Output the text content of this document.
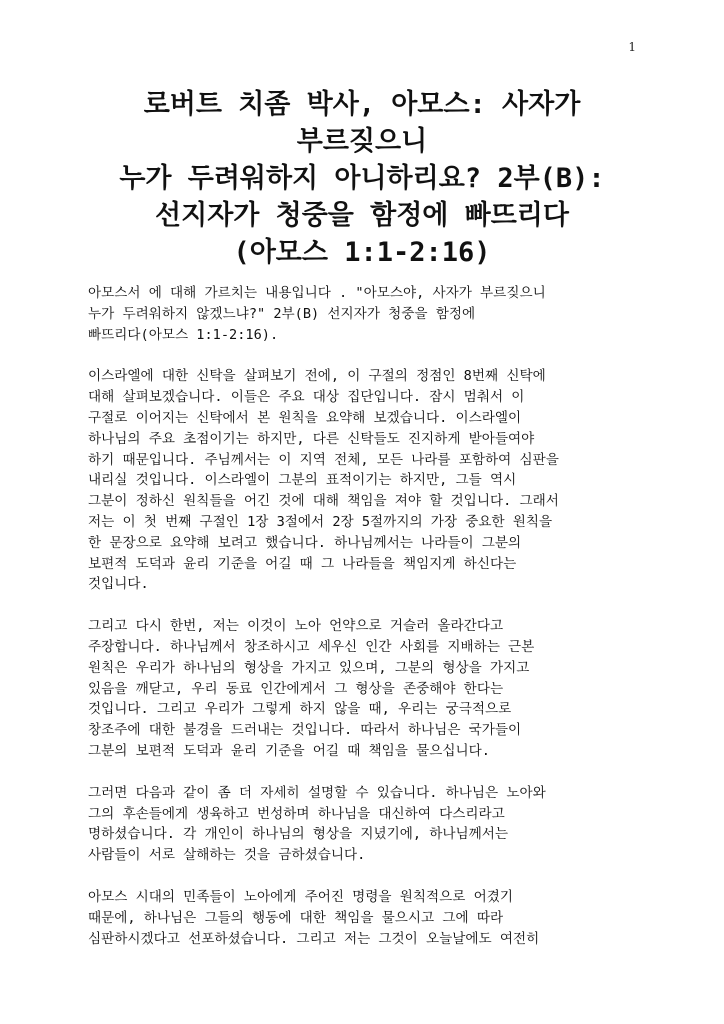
1
로버트 치좀 박사, 아모스: 사자가
부르짖으니
누가 두려워하지 아니하리요? 2부(B):
선지자가 청중을 함정에 빠뜨리다
(아모스 1:1-2:16)
아모스서 에 대해 가르치는 내용입니다 . "아모스야, 사자가 부르짖으니
누가 두려워하지 않겠느냐?" 2부(B) 선지자가 청중을 함정에
빠뜨리다(아모스 1:1-2:16).
이스라엘에 대한 신탁을 살펴보기 전에, 이 구절의 정점인 8번째 신탁에
대해 살펴보겠습니다. 이들은 주요 대상 집단입니다. 잠시 멈춰서 이
구절로 이어지는 신탁에서 본 원칙을 요약해 보겠습니다. 이스라엘이
하나님의 주요 초점이기는 하지만, 다른 신탁들도 진지하게 받아들여야
하기 때문입니다. 주님께서는 이 지역 전체, 모든 나라를 포함하여 심판을
내리실 것입니다. 이스라엘이 그분의 표적이기는 하지만, 그들 역시
그분이 정하신 원칙들을 어긴 것에 대해 책임을 져야 할 것입니다. 그래서
저는 이 첫 번째 구절인 1장 3절에서 2장 5절까지의 가장 중요한 원칙을
한 문장으로 요약해 보려고 했습니다. 하나님께서는 나라들이 그분의
보편적 도덕과 윤리 기준을 어길 때 그 나라들을 책임지게 하신다는
것입니다.
그리고 다시 한번, 저는 이것이 노아 언약으로 거슬러 올라간다고
주장합니다. 하나님께서 창조하시고 세우신 인간 사회를 지배하는 근본
원칙은 우리가 하나님의 형상을 가지고 있으며, 그분의 형상을 가지고
있음을 깨닫고, 우리 동료 인간에게서 그 형상을 존중해야 한다는
것입니다. 그리고 우리가 그렇게 하지 않을 때, 우리는 궁극적으로
창조주에 대한 불경을 드러내는 것입니다. 따라서 하나님은 국가들이
그분의 보편적 도덕과 윤리 기준을 어길 때 책임을 물으십니다.
그러면 다음과 같이 좀 더 자세히 설명할 수 있습니다. 하나님은 노아와
그의 후손들에게 생육하고 번성하며 하나님을 대신하여 다스리라고
명하셨습니다. 각 개인이 하나님의 형상을 지녔기에, 하나님께서는
사람들이 서로 살해하는 것을 금하셨습니다.
아모스 시대의 민족들이 노아에게 주어진 명령을 원칙적으로 어겼기
때문에, 하나님은 그들의 행동에 대한 책임을 물으시고 그에 따라
심판하시겠다고 선포하셨습니다. 그리고 저는 그것이 오늘날에도 여전히
